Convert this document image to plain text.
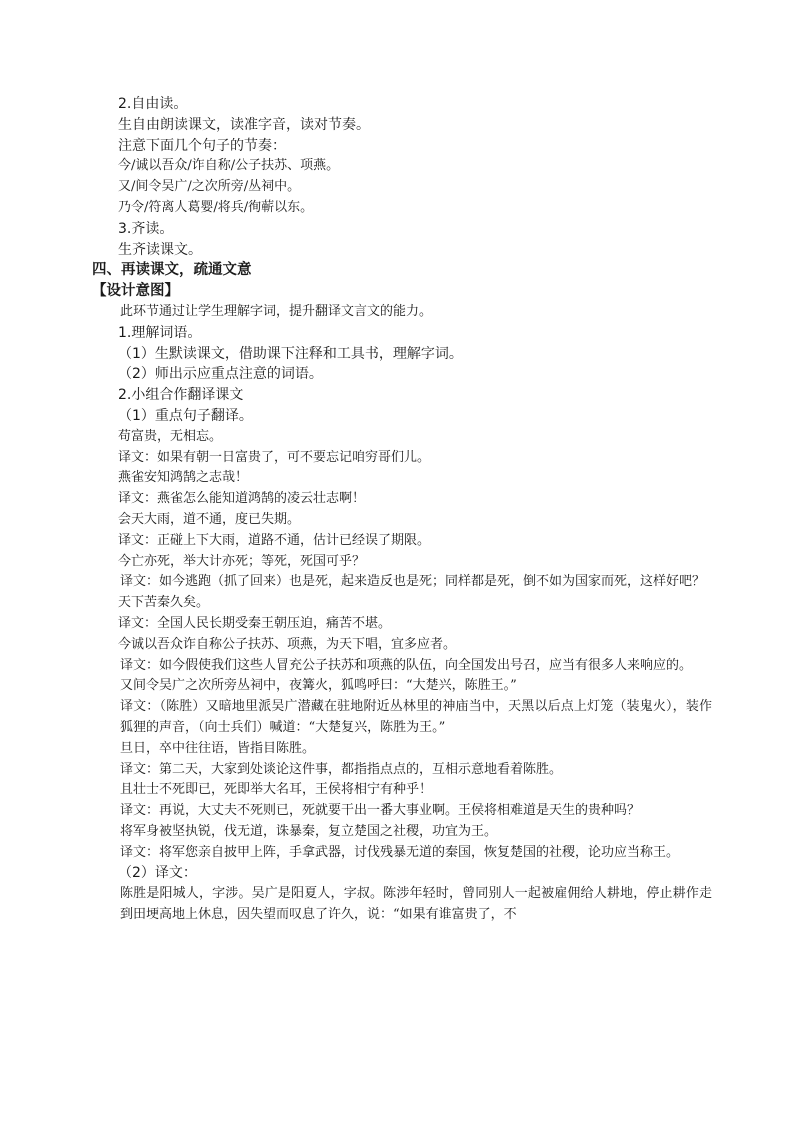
2.自由读。
生自由朗读课文，读准字音，读对节奏。
注意下面几个句子的节奏：
今/诚以吾众/诈自称/公子扶苏、项燕。
又/间令吴广/之次所旁/丛祠中。
乃令/符离人葛婴/将兵/徇蕲以东。
3.齐读。
生齐读课文。
四、再读课文，疏通文意
【设计意图】
此环节通过让学生理解字词，提升翻译文言文的能力。
1.理解词语。
（1）生默读课文，借助课下注释和工具书，理解字词。
（2）师出示应重点注意的词语。
2.小组合作翻译课文
（1）重点句子翻译。
苟富贵，无相忘。
译文：如果有朝一日富贵了，可不要忘记咱穷哥们儿。
燕雀安知鸿鹄之志哉！
译文：燕雀怎么能知道鸿鹄的凌云壮志啊！
会天大雨，道不通，度已失期。
译文：正碰上下大雨，道路不通，估计已经误了期限。
今亡亦死，举大计亦死；等死，死国可乎？
译文：如今逃跑（抓了回来）也是死，起来造反也是死；同样都是死，倒不如为国家而死，这样好吧？
天下苦秦久矣。
译文：全国人民长期受秦王朝压迫，痛苦不堪。
今诚以吾众诈自称公子扶苏、项燕，为天下唱，宜多应者。
译文：如今假使我们这些人冒充公子扶苏和项燕的队伍，向全国发出号召，应当有很多人来响应的。
又间令吴广之次所旁丛祠中，夜篝火，狐鸣呼曰：“大楚兴，陈胜王。”
译文：（陈胜）又暗地里派吴广潜藏在驻地附近丛林里的神庙当中，天黑以后点上灯笼（装鬼火），装作狐狸的声音，（向士兵们）喊道：“大楚复兴，陈胜为王。”
旦日，卒中往往语，皆指目陈胜。
译文：第二天，大家到处谈论这件事，都指指点点的，互相示意地看着陈胜。
且壮士不死即已，死即举大名耳，王侯将相宁有种乎！
译文：再说，大丈夫不死则已，死就要干出一番大事业啊。王侯将相难道是天生的贵种吗？
将军身被坚执锐，伐无道，诛暴秦，复立楚国之社稷，功宜为王。
译文：将军您亲自披甲上阵，手拿武器，讨伐残暴无道的秦国，恢复楚国的社稷，论功应当称王。
（2）译文：
陈胜是阳城人，字涉。吴广是阳夏人，字叔。陈涉年轻时，曾同别人一起被雇佣给人耕地，停止耕作走到田埂高地上休息，因失望而叹息了许久，说：“如果有谁富贵了，不
